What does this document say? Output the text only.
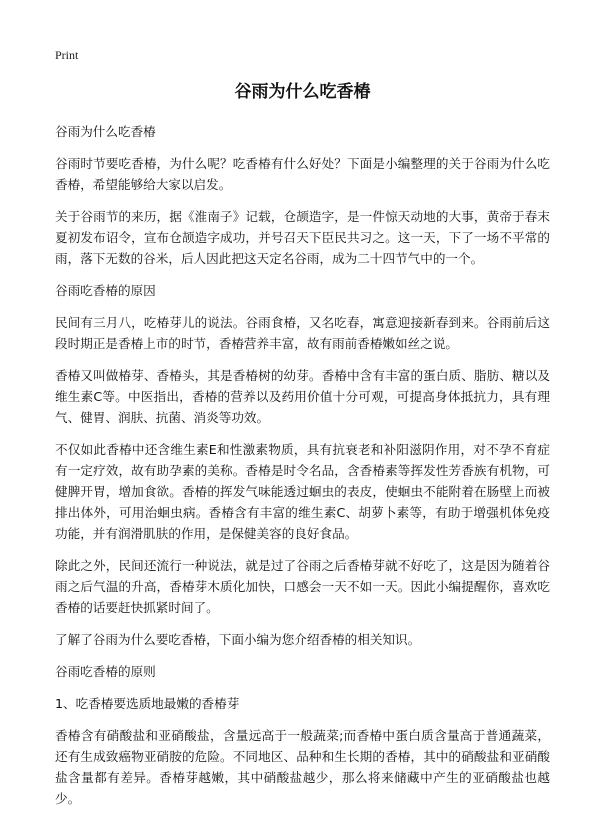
Print
谷雨为什么吃香椿
谷雨为什么吃香椿

谷雨时节要吃香椿，为什么呢？吃香椿有什么好处？下面是小编整理的关于谷雨为什么吃香椿，希望能够给大家以启发。

关于谷雨节的来历，据《淮南子》记载，仓颉造字，是一件惊天动地的大事，黄帝于春末夏初发布诏令，宣布仓颉造字成功，并号召天下臣民共习之。这一天，下了一场不平常的雨，落下无数的谷米，后人因此把这天定名谷雨，成为二十四节气中的一个。

谷雨吃香椿的原因

民间有三月八，吃椿芽儿的说法。谷雨食椿，又名吃春，寓意迎接新春到来。谷雨前后这段时期正是香椿上市的时节，香椿营养丰富，故有雨前香椿嫩如丝之说。

香椿又叫做椿芽、香椿头，其是香椿树的幼芽。香椿中含有丰富的蛋白质、脂肪、糖以及维生素C等。中医指出，香椿的营养以及药用价值十分可观，可提高身体抵抗力，具有理气、健胃、润肤、抗菌、消炎等功效。

不仅如此香椿中还含维生素E和性激素物质，具有抗衰老和补阳滋阴作用，对不孕不育症有一定疗效，故有助孕素的美称。香椿是时令名品，含香椿素等挥发性芳香族有机物，可健脾开胃，增加食欲。香椿的挥发气味能透过蛔虫的表皮，使蛔虫不能附着在肠壁上而被排出体外，可用治蛔虫病。香椿含有丰富的维生素C、胡萝卜素等，有助于增强机体免疫功能，并有润滑肌肤的作用，是保健美容的良好食品。

除此之外，民间还流行一种说法，就是过了谷雨之后香椿芽就不好吃了，这是因为随着谷雨之后气温的升高，香椿芽木质化加快，口感会一天不如一天。因此小编提醒你，喜欢吃香椿的话要赶快抓紧时间了。

了解了谷雨为什么要吃香椿，下面小编为您介绍香椿的相关知识。

谷雨吃香椿的原则
1、吃香椿要选质地最嫩的香椿芽

香椿含有硝酸盐和亚硝酸盐，含量远高于一般蔬菜;而香椿中蛋白质含量高于普通蔬菜，还有生成致癌物亚硝胺的危险。不同地区、品种和生长期的香椿，其中的硝酸盐和亚硝酸盐含量都有差异。香椿芽越嫩，其中硝酸盐越少，那么将来储藏中产生的亚硝酸盐也越少。
